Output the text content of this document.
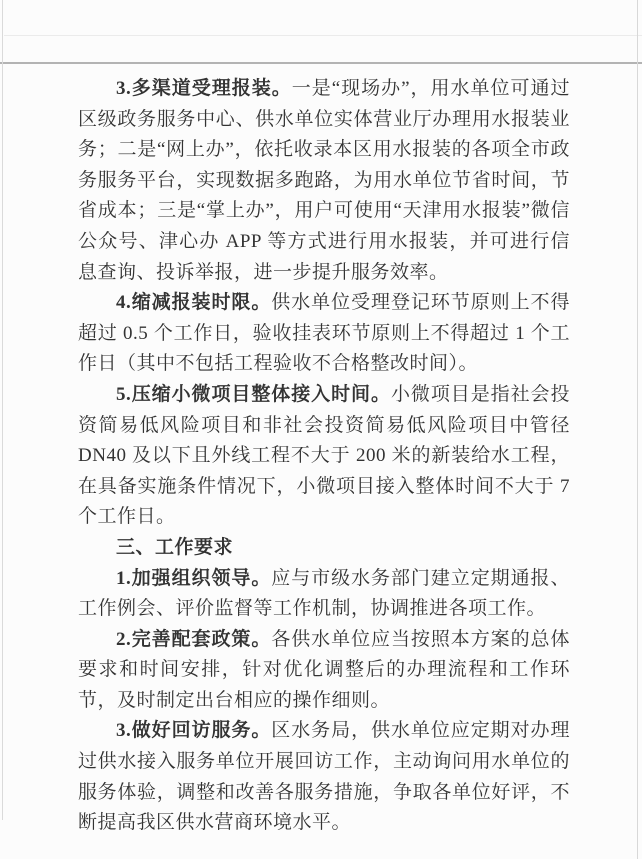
3.多渠道受理报装。一是“现场办”，用水单位可通过区级政务服务中心、供水单位实体营业厅办理用水报装业务；二是“网上办”，依托收录本区用水报装的各项全市政务服务平台，实现数据多跑路，为用水单位节省时间，节省成本；三是“掌上办”，用户可使用“天津用水报装”微信公众号、津心办 APP 等方式进行用水报装，并可进行信息查询、投诉举报，进一步提升服务效率。

4.缩减报装时限。供水单位受理登记环节原则上不得超过 0.5 个工作日，验收挂表环节原则上不得超过 1 个工作日（其中不包括工程验收不合格整改时间）。

5.压缩小微项目整体接入时间。小微项目是指社会投资简易低风险项目和非社会投资简易低风险项目中管径 DN40 及以下且外线工程不大于 200 米的新装给水工程，在具备实施条件情况下，小微项目接入整体时间不大于 7 个工作日。

三、工作要求

1.加强组织领导。应与市级水务部门建立定期通报、工作例会、评价监督等工作机制，协调推进各项工作。

2.完善配套政策。各供水单位应当按照本方案的总体要求和时间安排，针对优化调整后的办理流程和工作环节，及时制定出台相应的操作细则。

3.做好回访服务。区水务局，供水单位应定期对办理过供水接入服务单位开展回访工作，主动询问用水单位的服务体验，调整和改善各服务措施，争取各单位好评，不断提高我区供水营商环境水平。
